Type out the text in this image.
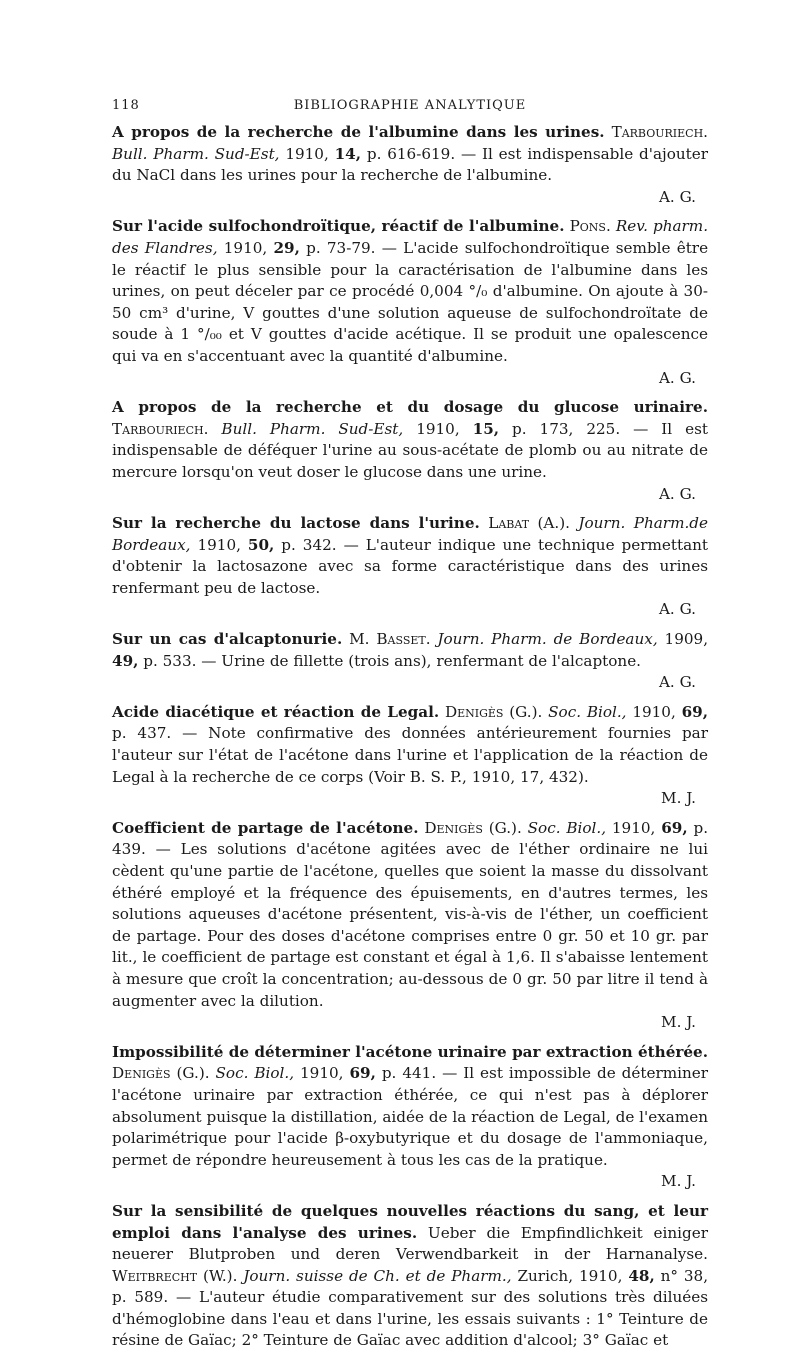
118	BIBLIOGRAPHIE ANALYTIQUE
A propos de la recherche de l'albumine dans les urines. Tarbouriech. Bull. Pharm. Sud-Est, 1910, 14, p. 616-619. — Il est indispensable d'ajouter du NaCl dans les urines pour la recherche de l'albumine.
A. G.
Sur l'acide sulfochondroïtique, réactif de l'albumine. Pons. Rev. pharm. des Flandres, 1910, 29, p. 73-79. — L'acide sulfochondroïtique semble être le réactif le plus sensible pour la caractérisation de l'albumine dans les urines, on peut déceler par ce procédé 0,004 °/₀ d'albumine. On ajoute à 30-50 cm³ d'urine, V gouttes d'une solution aqueuse de sulfochondroïtate de soude à 1 °/₀₀ et V gouttes d'acide acétique. Il se produit une opalescence qui va en s'accentuant avec la quantité d'albumine.
A. G.
A propos de la recherche et du dosage du glucose urinaire. Tarbouriech. Bull. Pharm. Sud-Est, 1910, 15, p. 173, 225. — Il est indispensable de déféquer l'urine au sous-acétate de plomb ou au nitrate de mercure lorsqu'on veut doser le glucose dans une urine.
A. G.
Sur la recherche du lactose dans l'urine. Labat (A.). Journ. Pharm.de Bordeaux, 1910, 50, p. 342. — L'auteur indique une technique permettant d'obtenir la lactosazone avec sa forme caractéristique dans des urines renfermant peu de lactose.
A. G.
Sur un cas d'alcaptonurie. M. Basset. Journ. Pharm. de Bordeaux, 1909, 49, p. 533. — Urine de fillette (trois ans), renfermant de l'alcaptone.
A. G.
Acide diacétique et réaction de Legal. Denigès (G.). Soc. Biol., 1910, 69, p. 437. — Note confirmative des données antérieurement fournies par l'auteur sur l'état de l'acétone dans l'urine et l'application de la réaction de Legal à la recherche de ce corps (Voir B. S. P., 1910, 17, 432).
M. J.
Coefficient de partage de l'acétone. Denigès (G.). Soc. Biol., 1910, 69, p. 439. — Les solutions d'acétone agitées avec de l'éther ordinaire ne lui cèdent qu'une partie de l'acétone, quelles que soient la masse du dissolvant éthéré employé et la fréquence des épuisements, en d'autres termes, les solutions aqueuses d'acétone présentent, vis-à-vis de l'éther, un coefficient de partage. Pour des doses d'acétone comprises entre 0 gr. 50 et 10 gr. par lit., le coefficient de partage est constant et égal à 1,6. Il s'abaisse lentement à mesure que croît la concentration; au-dessous de 0 gr. 50 par litre il tend à augmenter avec la dilution.
M. J.
Impossibilité de déterminer l'acétone urinaire par extraction éthérée. Denigès (G.). Soc. Biol., 1910, 69, p. 441. — Il est impossible de déterminer l'acétone urinaire par extraction éthérée, ce qui n'est pas à déplorer absolument puisque la distillation, aidée de la réaction de Legal, de l'examen polarimétrique pour l'acide β-oxybutyrique et du dosage de l'ammoniaque, permet de répondre heureusement à tous les cas de la pratique.
M. J.
Sur la sensibilité de quelques nouvelles réactions du sang, et leur emploi dans l'analyse des urines. Ueber die Empfindlichkeit einiger neuerer Blutproben und deren Verwendbarkeit in der Harnanalyse. Weitbrecht (W.). Journ. suisse de Ch. et de Pharm., Zurich, 1910, 48, n° 38, p. 589. — L'auteur étudie comparativement sur des solutions très diluées d'hémoglobine dans l'eau et dans l'urine, les essais suivants : 1° Teinture de résine de Gaïac; 2° Teinture de Gaïac avec addition d'alcool; 3° Gaïac et
